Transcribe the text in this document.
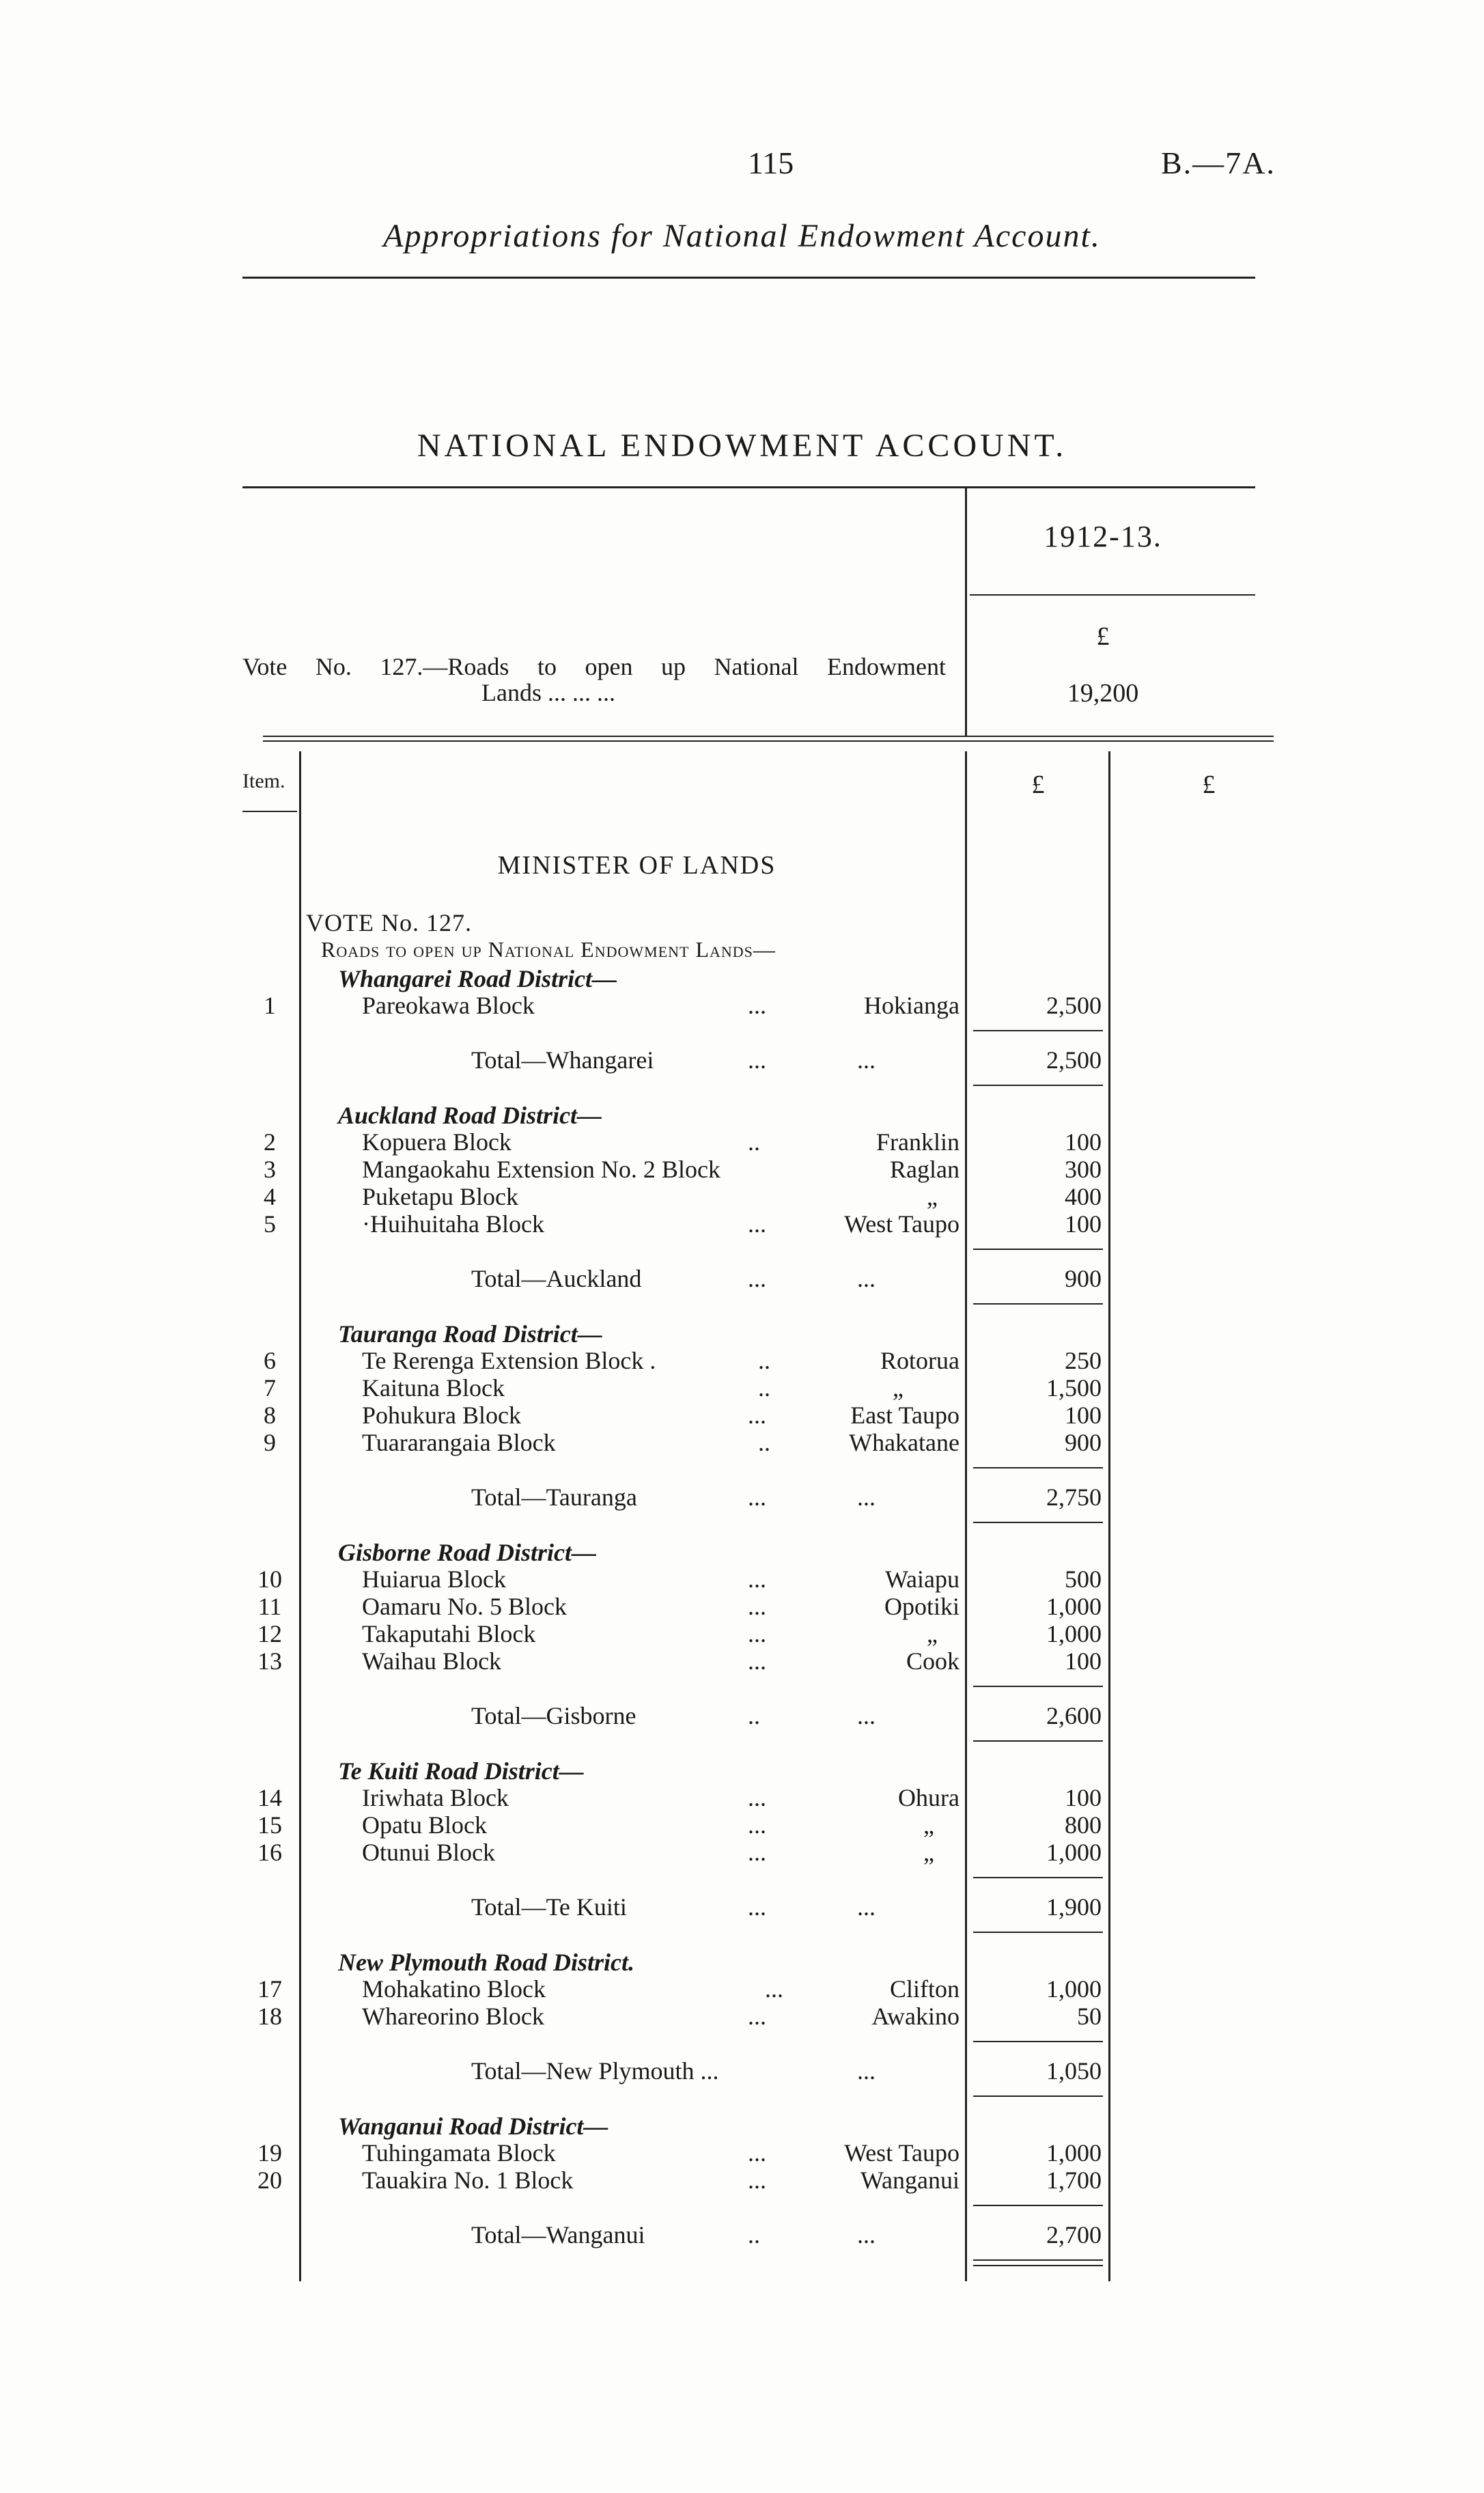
115	B.—7A.
Appropriations for National Endowment Account.
NATIONAL ENDOWMENT ACCOUNT.
1912-13.
£
Vote No. 127.—Roads to open up National Endowment
Lands ... ... ...	19,200
Item.	£	£
MINISTER OF LANDS
VOTE No. 127.
Roads to open up National Endowment Lands—
Whangarei Road District—
1	Pareokawa Block	...	Hokianga	2,500
Total—Whangarei	...	...	2,500
Auckland Road District—
2	Kopuera Block	..	Franklin	100
3	Mangaokahu Extension No. 2 Block	Raglan	300
4	Puketapu Block	„	400
5	·Huihuitaha Block	...	West Taupo	100
Total—Auckland	...	...	900
Tauranga Road District—
6	Te Rerenga Extension Block .	..	Rotorua	250
7	Kaituna Block	..	„	1,500
8	Pohukura Block	...	East Taupo	100
9	Tuararangaia Block	..	Whakatane	900
Total—Tauranga	...	...	2,750
Gisborne Road District—
10	Huiarua Block	...	Waiapu	500
11	Oamaru No. 5 Block	...	Opotiki	1,000
12	Takaputahi Block	...	„	1,000
13	Waihau Block	...	Cook	100
Total—Gisborne	..	...	2,600
Te Kuiti Road District—
14	Iriwhata Block	...	Ohura	100
15	Opatu Block	...	„	800
16	Otunui Block	...	„	1,000
Total—Te Kuiti	...	...	1,900
New Plymouth Road District.
17	Mohakatino Block	...	Clifton	1,000
18	Whareorino Block	...	Awakino	50
Total—New Plymouth ...	...	1,050
Wanganui Road District—
19	Tuhingamata Block	...	West Taupo	1,000
20	Tauakira No. 1 Block	...	Wanganui	1,700
Total—Wanganui	..	...	2,700
